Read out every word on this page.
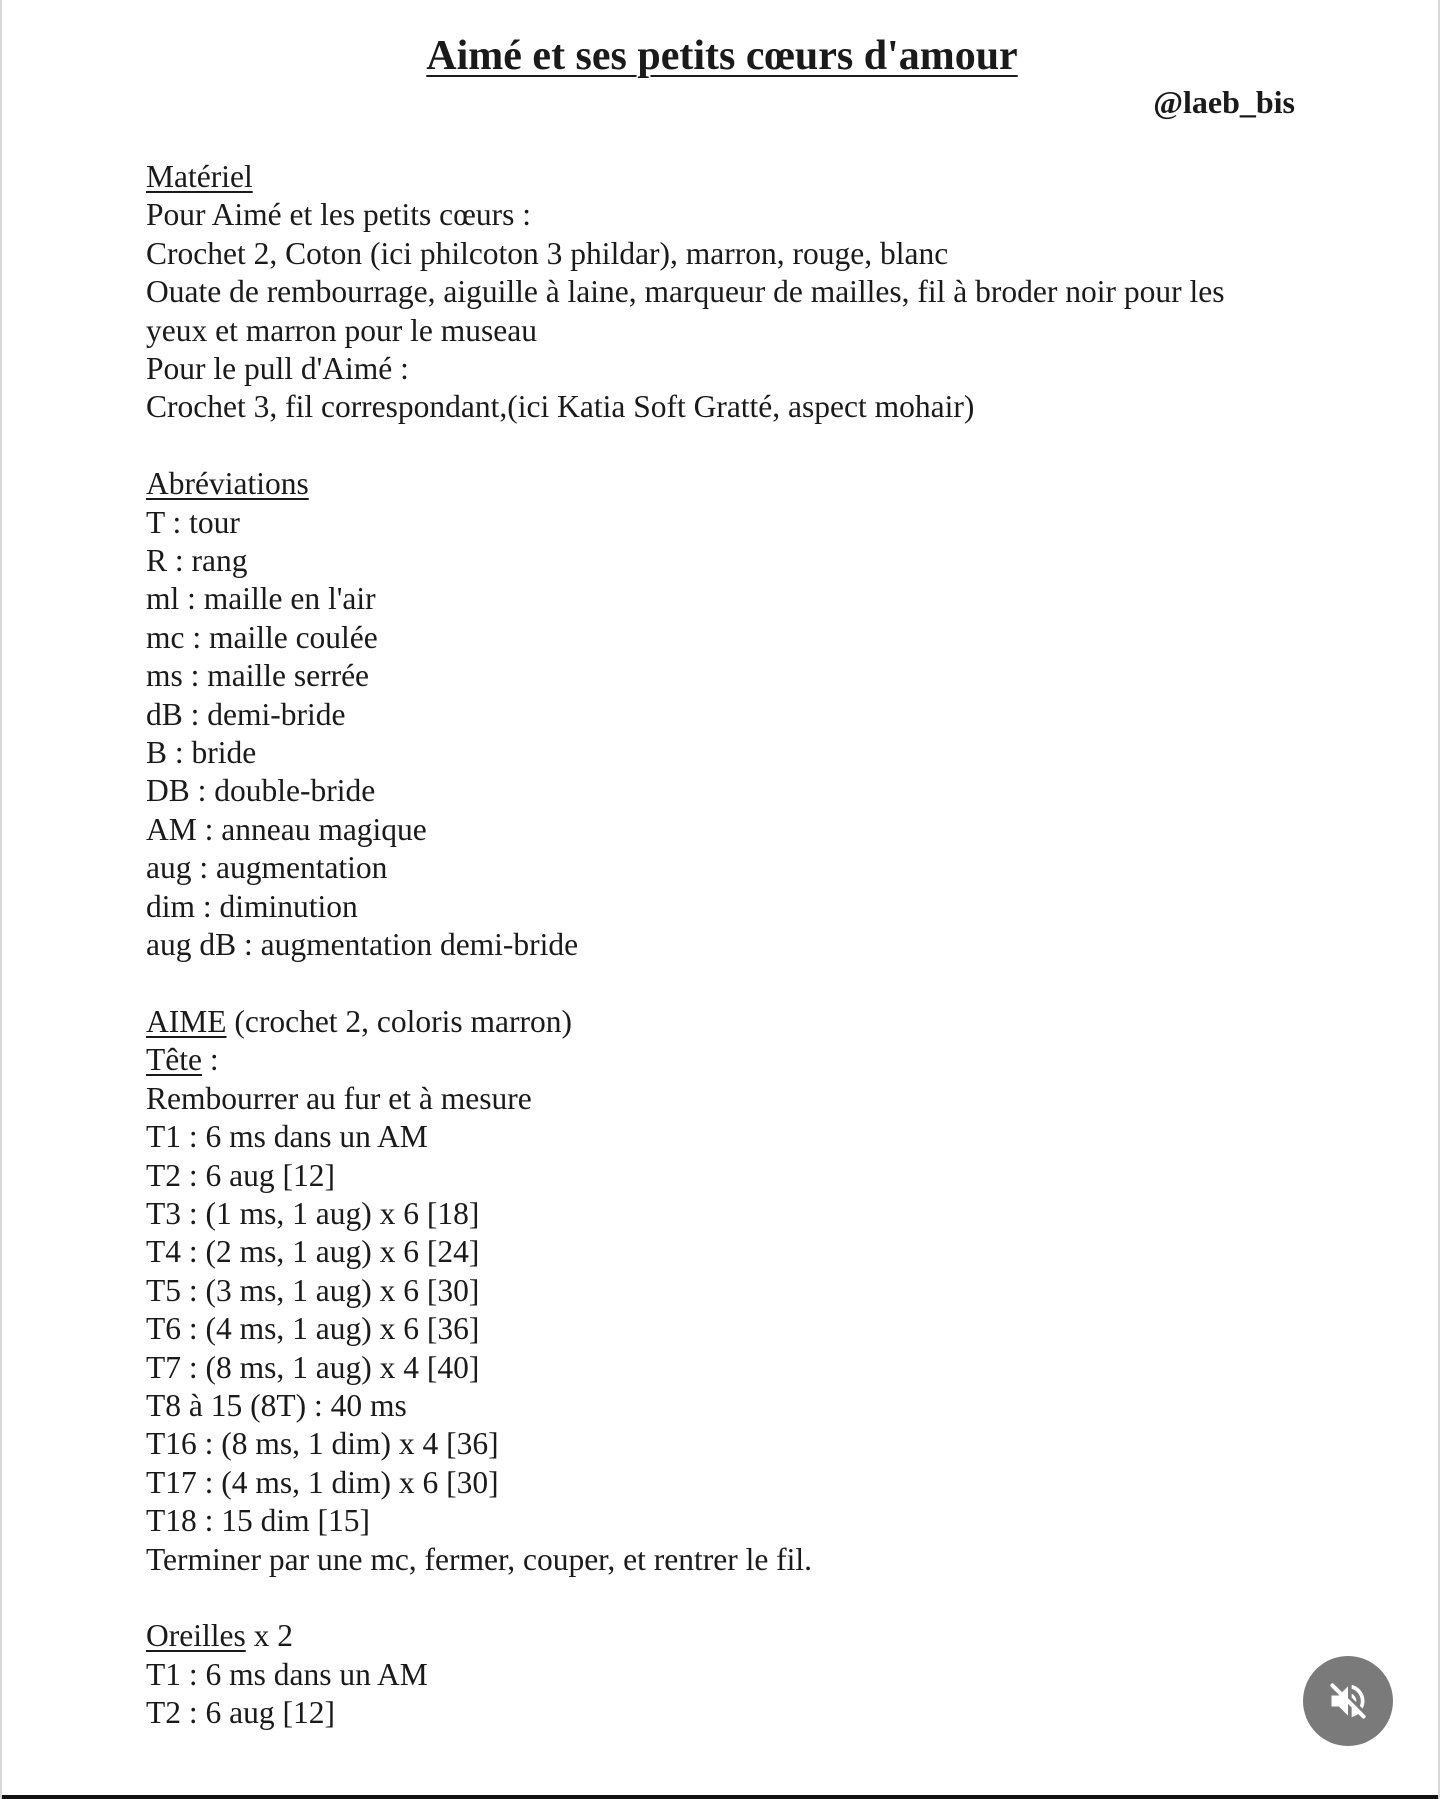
Aimé et ses petits cœurs d'amour
@laeb_bis

Matériel

Pour Aimé et les petits cœurs :

Crochet 2, Coton (ici philcoton 3 phildar), marron, rouge, blanc

Ouate de rembourrage, aiguille à laine, marqueur de mailles, fil à broder noir pour les

yeux et marron pour le museau

Pour le pull d'Aimé :

Crochet 3, fil correspondant,(ici Katia Soft Gratté, aspect mohair)

Abréviations

T : tour

R : rang

ml : maille en l'air

mc : maille coulée

ms : maille serrée

dB : demi-bride

B : bride

DB : double-bride

AM : anneau magique

aug : augmentation

dim : diminution

aug dB : augmentation demi-bride

AIME (crochet 2, coloris marron)

Tête :

Rembourrer au fur et à mesure

T1 : 6 ms dans un AM

T2 : 6 aug [12]

T3 : (1 ms, 1 aug) x 6 [18]

T4 : (2 ms, 1 aug) x 6 [24]

T5 : (3 ms, 1 aug) x 6 [30]

T6 : (4 ms, 1 aug) x 6 [36]

T7 : (8 ms, 1 aug) x 4 [40]

T8 à 15 (8T) : 40 ms

T16 : (8 ms, 1 dim) x 4 [36]

T17 : (4 ms, 1 dim) x 6 [30]

T18 : 15 dim [15]

Terminer par une mc, fermer, couper, et rentrer le fil.

Oreilles x 2

T1 : 6 ms dans un AM

T2 : 6 aug [12]
